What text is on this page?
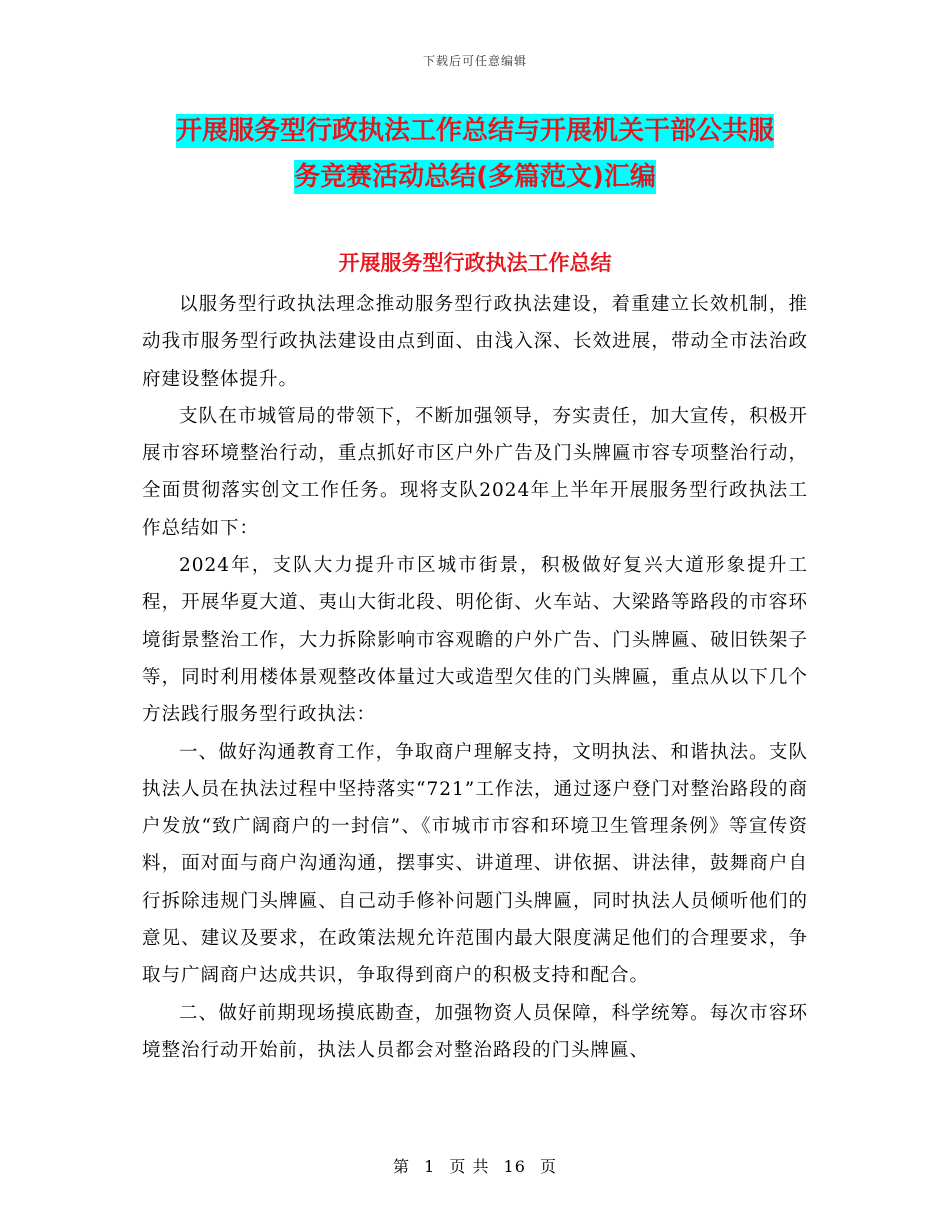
下载后可任意编辑
开展服务型行政执法工作总结与开展机关干部公共服
务竞赛活动总结(多篇范文)汇编
开展服务型行政执法工作总结

以服务型行政执法理念推动服务型行政执法建设，着重建立长效机制，推动我市服务型行政执法建设由点到面、由浅入深、长效进展，带动全市法治政府建设整体提升。

支队在市城管局的带领下，不断加强领导，夯实责任，加大宣传，积极开展市容环境整治行动，重点抓好市区户外广告及门头牌匾市容专项整治行动，全面贯彻落实创文工作任务。现将支队2024年上半年开展服务型行政执法工作总结如下：

2024年，支队大力提升市区城市街景，积极做好复兴大道形象提升工程，开展华夏大道、夷山大街北段、明伦街、火车站、大梁路等路段的市容环境街景整治工作，大力拆除影响市容观瞻的户外广告、门头牌匾、破旧铁架子等，同时利用楼体景观整改体量过大或造型欠佳的门头牌匾，重点从以下几个方法践行服务型行政执法：

一、做好沟通教育工作，争取商户理解支持，文明执法、和谐执法。支队执法人员在执法过程中坚持落实“721”工作法，通过逐户登门对整治路段的商户发放“致广阔商户的一封信”、《市城市市容和环境卫生管理条例》等宣传资料，面对面与商户沟通沟通，摆事实、讲道理、讲依据、讲法律，鼓舞商户自行拆除违规门头牌匾、自己动手修补问题门头牌匾，同时执法人员倾听他们的意见、建议及要求，在政策法规允许范围内最大限度满足他们的合理要求，争取与广阔商户达成共识，争取得到商户的积极支持和配合。

二、做好前期现场摸底勘查，加强物资人员保障，科学统筹。每次市容环境整治行动开始前，执法人员都会对整治路段的门头牌匾、

第 1 页 共 16 页
